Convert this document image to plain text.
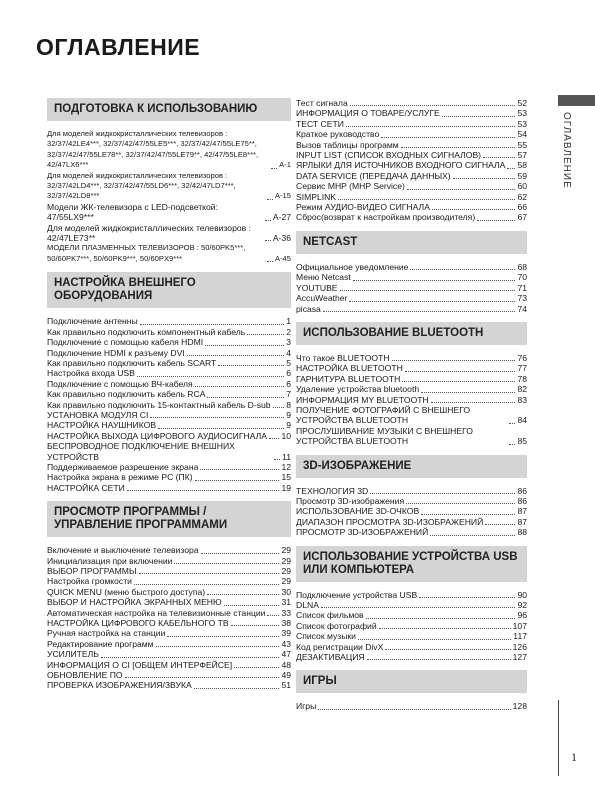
ОГЛАВЛЕНИЕ
ПОДГОТОВКА К ИСПОЛЬЗОВАНИЮ
Для моделей жидкокристаллических телевизоров : 32/37/42LE4***, 32/37/42/47/55LE5***, 32/37/42/47/55LE75**, 32/37/42/47/55LE78**, 32/37/42/47/55LE79**, 42/47/55LE8***, 42/47LX6***	A-1
Для моделей жидкокристаллических телевизоров : 32/37/42LD4***, 32/37/42/47/55LD6***, 32/42/47LD7***, 32/37/42LD8***	A-15
Модели ЖК-телевизора с LED-подсветкой: 47/55LX9***	A-27
Для моделей жидкокристаллических телевизоров : 42/47LE73**	A-36
МОДЕЛИ ПЛАЗМЕННЫХ ТЕЛЕВИЗОРОВ : 50/60PK5***, 50/60PK7***, 50/60PK9***, 50/60PX9***	A-45
НАСТРОЙКА ВНЕШНЕГО ОБОРУДОВАНИЯ
Подключение антенны	1
Как правильно подключить компонентный кабель	2
Подключение с помощью кабеля HDMI	3
Подключение HDMI к разъему DVI	4
Как правильно подключить кабель SCART	5
Настройка входа USB	6
Подключение с помощью ВЧ-кабеля	6
Как правильно подключить кабель RCA	7
Как правильно подключить 15-контактный кабель D-sub 8
УСТАНОВКА МОДУЛЯ CI	9
НАСТРОЙКА НАУШНИКОВ	9
НАСТРОЙКА ВЫХОДА ЦИФРОВОГО АУДИОСИГНАЛА 10
БЕСПРОВОДНОЕ ПОДКЛЮЧЕНИЕ ВНЕШНИХ УСТРОЙСТВ	11
Поддерживаемое разрешение экрана	12
Настройка экрана в режиме PC (ПК)	15
НАСТРОЙКА СЕТИ	19
ПРОСМОТР ПРОГРАММЫ / УПРАВЛЕНИЕ ПРОГРАММАМИ
Включение и выключение телевизора	29
Инициализация при включении	29
ВЫБОР ПРОГРАММЫ	29
Настройка громкости	29
QUICK MENU (меню быстрого доступа)	30
ВЫБОР И НАСТРОЙКА ЭКРАННЫХ МЕНЮ	31
Автоматическая настройка на телевизионные станции 33
НАСТРОЙКА ЦИФРОВОГО КАБЕЛЬНОГО ТВ	38
Ручная настройка на станции	39
Редактирование программ	43
УСИЛИТЕЛЬ	47
ИНФОРМАЦИЯ О CI [ОБЩЕМ ИНТЕРФЕЙСЕ]	48
ОБНОВЛЕНИЕ ПО	49
ПРОВЕРКА ИЗОБРАЖЕНИЯ/ЗВУКА	51
Тест сигнала	52
ИНФОРМАЦИЯ О ТОВАРЕ/УСЛУГЕ	53
ТЕСТ СЕТИ	53
Краткое руководство	54
Вызов таблицы программ	55
INPUT LIST (СПИСОК ВХОДНЫХ СИГНАЛОВ)	57
ЯРЛЫКИ ДЛЯ ИСТОЧНИКОВ ВХОДНОГО СИГНАЛА 58
DATA SERVICE (ПЕРЕДАЧА ДАННЫХ)	59
Сервис MHP (MHP Service)	60
SIMPLINK	62
Режим АУДИО-ВИДЕО СИГНАЛА	66
Сброс(возврат к настройкам производителя)	67
NETCAST
Официальное уведомление	68
Меню Netcast	70
YOUTUBE	71
AccuWeather	73
picasa	74
ИСПОЛЬЗОВАНИЕ BLUETOOTH
Что такое BLUETOOTH	76
НАСТРОЙКА BLUETOOTH	77
ГАРНИТУРА BLUETOOTH	78
Удаление устройства bluetooth	82
ИНФОРМАЦИЯ MY BLUETOOTH	83
ПОЛУЧЕНИЕ ФОТОГРАФИЙ С ВНЕШНЕГО УСТРОЙСТВА BLUETOOTH	84
ПРОСЛУШИВАНИЕ МУЗЫКИ С ВНЕШНЕГО УСТРОЙСТВА BLUETOOTH	85
3D-ИЗОБРАЖЕНИЕ
ТЕХНОЛОГИЯ 3D	86
Просмотр 3D-изображения	86
ИСПОЛЬЗОВАНИЕ 3D-ОЧКОВ	87
ДИАПАЗОН ПРОСМОТРА 3D-ИЗОБРАЖЕНИЙ	87
ПРОСМОТР 3D-ИЗОБРАЖЕНИЙ	88
ИСПОЛЬЗОВАНИЕ УСТРОЙСТВА USB ИЛИ КОМПЬЮТЕРА
Подключение устройства USB	90
DLNA	92
Список фильмов	96
Список фотографий	107
Список музыки	117
Код регистрации DivX	126
ДЕЗАКТИВАЦИЯ	127
ИГРЫ
Игры	128
ОГЛАВЛЕНИЕ
1
